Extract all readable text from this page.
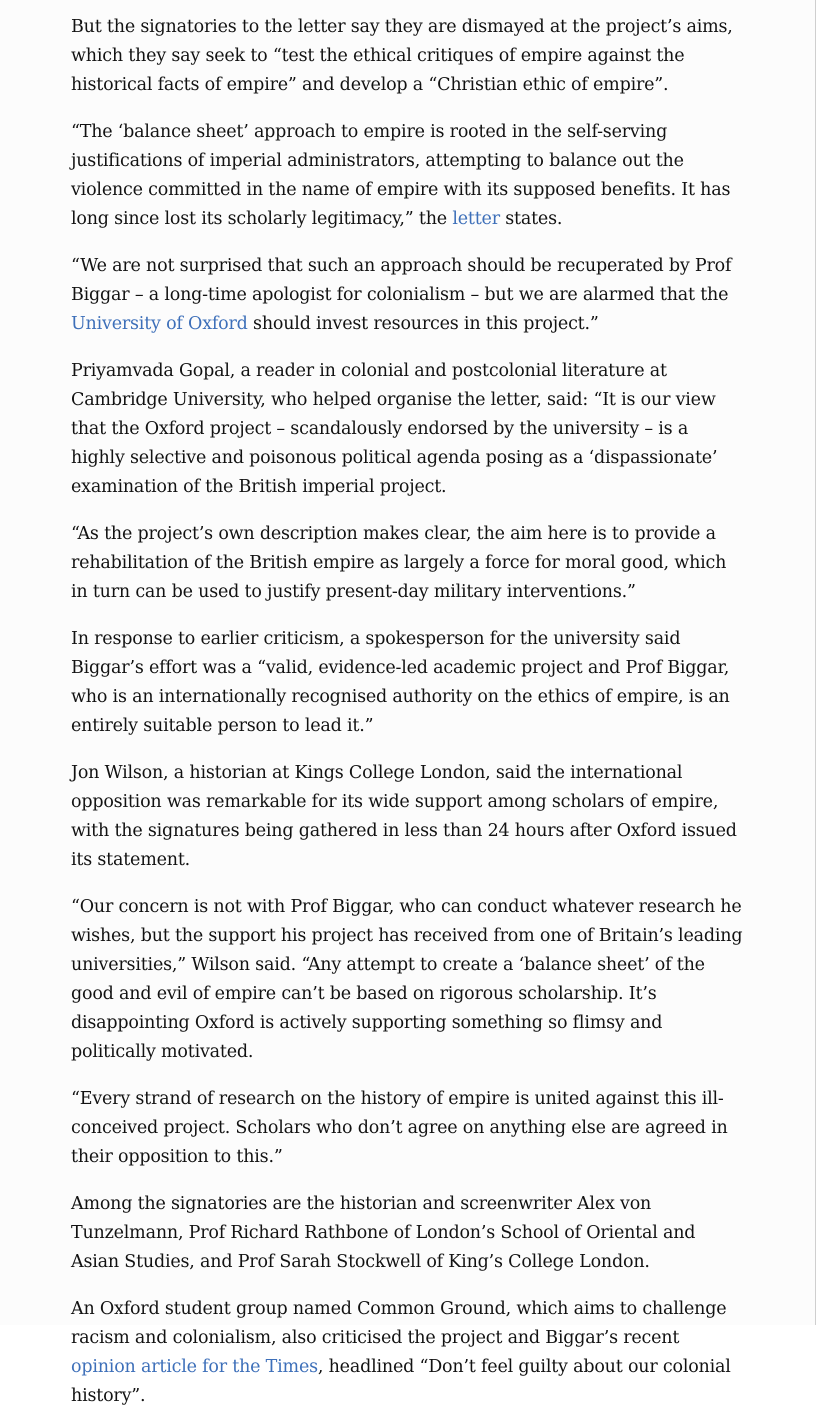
But the signatories to the letter say they are dismayed at the project’s aims, which they say seek to “test the ethical critiques of empire against the historical facts of empire” and develop a “Christian ethic of empire”.

“The ‘balance sheet’ approach to empire is rooted in the self-serving justifications of imperial administrators, attempting to balance out the violence committed in the name of empire with its supposed benefits. It has long since lost its scholarly legitimacy,” the letter states.

“We are not surprised that such an approach should be recuperated by Prof Biggar – a long-time apologist for colonialism – but we are alarmed that the University of Oxford should invest resources in this project.”

Priyamvada Gopal, a reader in colonial and postcolonial literature at Cambridge University, who helped organise the letter, said: “It is our view that the Oxford project – scandalously endorsed by the university – is a highly selective and poisonous political agenda posing as a ‘dispassionate’ examination of the British imperial project.

“As the project’s own description makes clear, the aim here is to provide a rehabilitation of the British empire as largely a force for moral good, which in turn can be used to justify present-day military interventions.”

In response to earlier criticism, a spokesperson for the university said Biggar’s effort was a “valid, evidence-led academic project and Prof Biggar, who is an internationally recognised authority on the ethics of empire, is an entirely suitable person to lead it.”

Jon Wilson, a historian at Kings College London, said the international opposition was remarkable for its wide support among scholars of empire, with the signatures being gathered in less than 24 hours after Oxford issued its statement.

“Our concern is not with Prof Biggar, who can conduct whatever research he wishes, but the support his project has received from one of Britain’s leading universities,” Wilson said. “Any attempt to create a ‘balance sheet’ of the good and evil of empire can’t be based on rigorous scholarship. It’s disappointing Oxford is actively supporting something so flimsy and politically motivated.

“Every strand of research on the history of empire is united against this ill-conceived project. Scholars who don’t agree on anything else are agreed in their opposition to this.”

Among the signatories are the historian and screenwriter Alex von Tunzelmann, Prof Richard Rathbone of London’s School of Oriental and Asian Studies, and Prof Sarah Stockwell of King’s College London.

An Oxford student group named Common Ground, which aims to challenge racism and colonialism, also criticised the project and Biggar’s recent opinion article for the Times, headlined “Don’t feel guilty about our colonial history”.
